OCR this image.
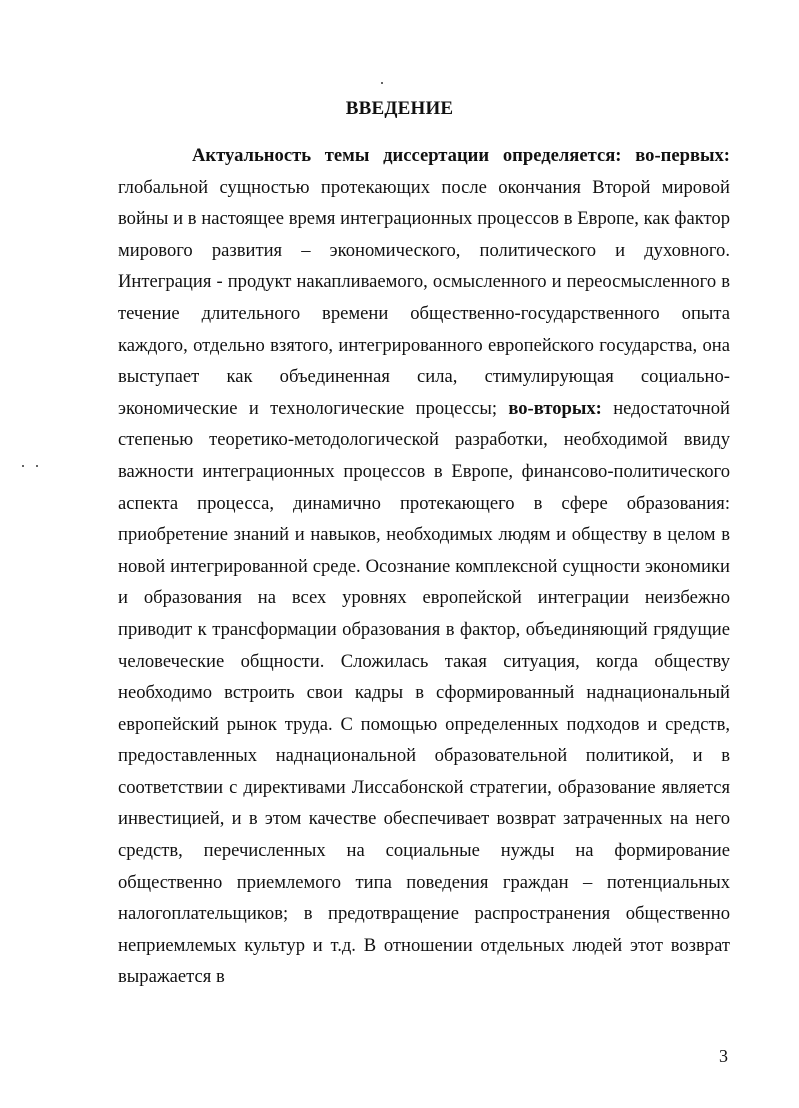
ВВЕДЕНИЕ

Актуальность темы диссертации определяется: во-первых: глобальной сущностью протекающих после окончания Второй мировой войны и в настоящее время интеграционных процессов в Европе, как фактор мирового развития – экономического, политического и духовного. Интеграция - продукт накапливаемого, осмысленного и переосмысленного в течение длительного времени общественно-государственного опыта каждого, отдельно взятого, интегрированного европейского государства, она выступает как объединенная сила, стимулирующая социально-экономические и технологические процессы; во-вторых: недостаточной степенью теоретико-методологической разработки, необходимой ввиду важности интеграционных процессов в Европе, финансово-политического аспекта процесса, динамично протекающего в сфере образования: приобретение знаний и навыков, необходимых людям и обществу в целом в новой интегрированной среде. Осознание комплексной сущности экономики и образования на всех уровнях европейской интеграции неизбежно приводит к трансформации образования в фактор, объединяющий грядущие человеческие общности. Сложилась такая ситуация, когда обществу необходимо встроить свои кадры в сформированный наднациональный европейский рынок труда. С помощью определенных подходов и средств, предоставленных наднациональной образовательной политикой, и в соответствии с директивами Лиссабонской стратегии, образование является инвестицией, и в этом качестве обеспечивает возврат затраченных на него средств, перечисленных на социальные нужды на формирование общественно приемлемого типа поведения граждан – потенциальных налогоплательщиков; в предотвращение распространения общественно неприемлемых культур и т.д. В отношении отдельных людей этот возврат выражается в

3
